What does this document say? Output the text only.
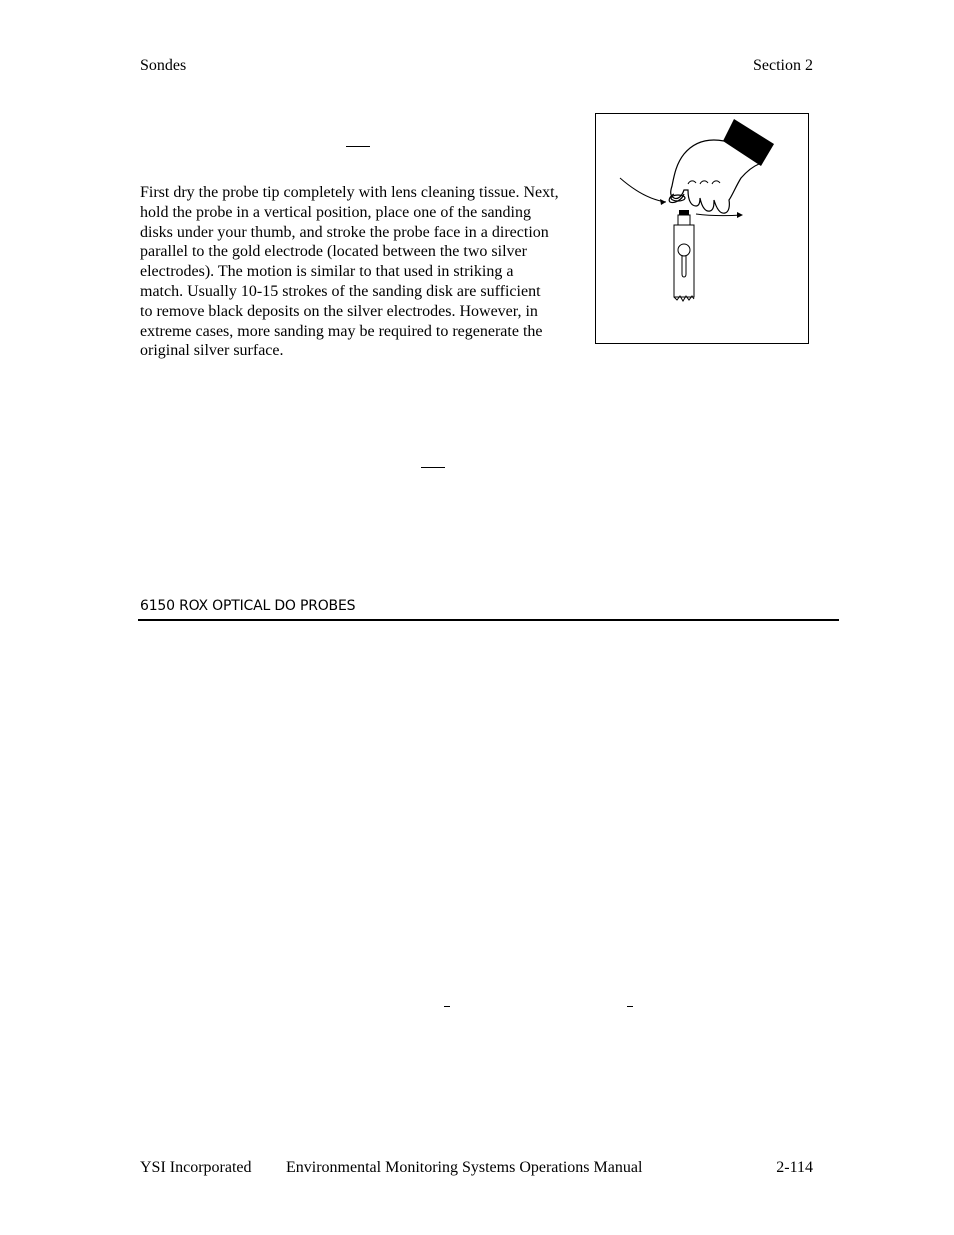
Sondes	Section 2

First dry the probe tip completely with lens cleaning tissue. Next,
hold the probe in a vertical position, place one of the sanding
disks under your thumb, and stroke the probe face in a direction
parallel to the gold electrode (located between the two silver
electrodes). The motion is similar to that used in striking a
match. Usually 10-15 strokes of the sanding disk are sufficient
to remove black deposits on the silver electrodes. However, in
extreme cases, more sanding may be required to regenerate the
original silver surface.

6150 ROX OPTICAL DO PROBES
YSI Incorporated Environmental Monitoring Systems Operations Manual	2-114
